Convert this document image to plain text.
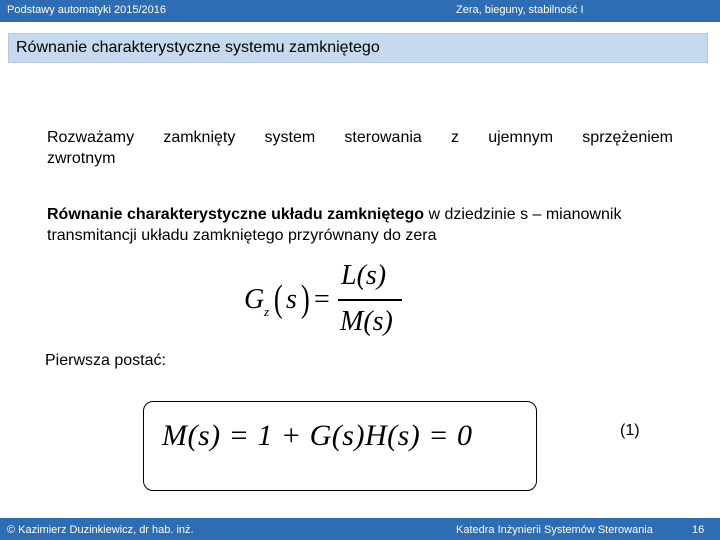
Podstawy automatyki 2015/2016	Zera, bieguny, stabilność I
Równanie charakterystyczne systemu zamkniętego
Rozważamy zamknięty system sterowania z ujemnym sprzężeniem
zwrotnym
Równanie charakterystyczne układu zamkniętego w dziedzinie s – mianownik transmitancji układu zamkniętego przyrównany do zera
G z ( s ) =
L(s)
M(s)
Pierwsza postać:
M(s) = 1 + G(s)H(s) = 0	(1)
© Kazimierz Duzinkiewicz, dr hab. inż.	Katedra Inżynierii Systemów Sterowania	16
